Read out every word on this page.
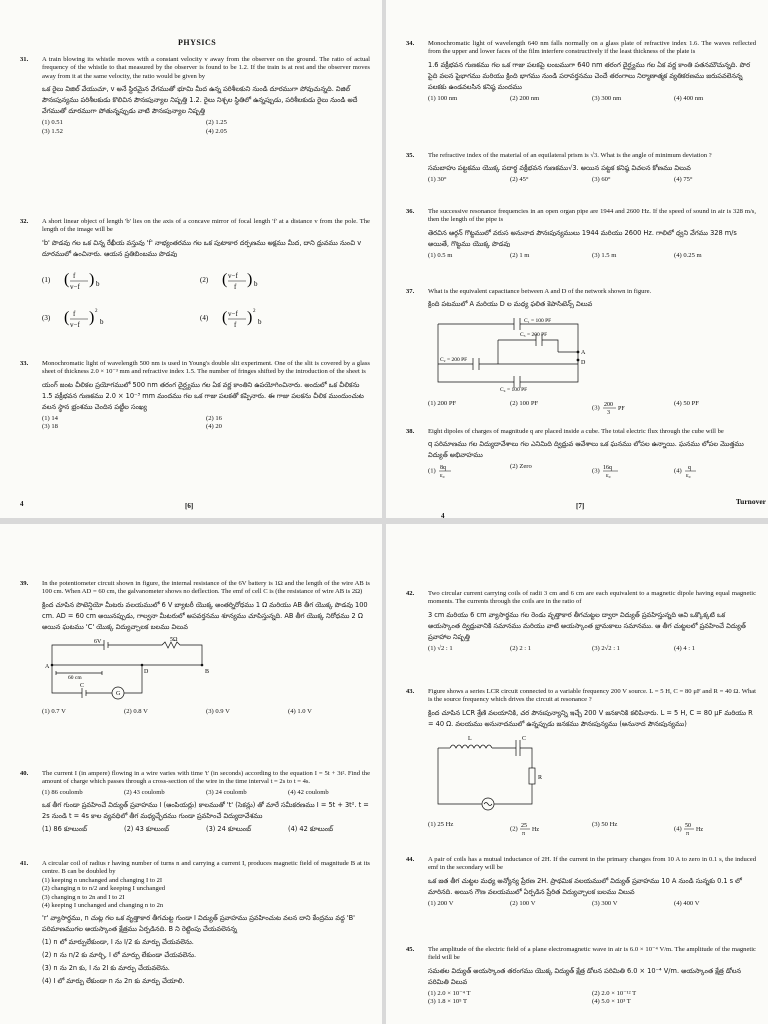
PHYSICS
31. A train blowing its whistle moves with a constant velocity v away from the observer on the ground. The ratio of actual frequency of the whistle to that measured by the observer is found to be 1.2. If the train is at rest and the observer moves away from it at the same velocity, the ratio would be given by
ఒక రైలు విజిల్ వేయుచూ, v అనే స్థిరమైన వేగముతో భూమి మీద ఉన్న పరిశీలకుని నుండి దూరముగా పోవుచున్నది. విజిల్ పౌనఃపున్యము పరిశీలకుడు కొలిచిన పౌనఃపున్యాల నిష్పత్తి 1.2. రైలు నిశ్చల స్థితిలో ఉన్నప్పుడు, పరిశీలకుడు రైలు నుండి అదే వేగముతో దూరముగా పోతున్నప్పుడు వాటి పౌనఃపున్యాల నిష్పత్తి
(1) 0.51	(2) 1.25
(3) 1.52	(4) 2.05
32. A short linear object of length 'b' lies on the axis of a concave mirror of focal length 'f' at a distance v from the pole. The length of the image will be
'b' పొడవు గల ఒక చిన్న రేఖీయ వస్తువు 'f' నాభ్యంతరము గల ఒక పుటాకార దర్పణము అక్షము మీద, దాని ధ్రువము నుంచి v దూరములో ఉంచినారు. ఆయన ప్రతిబింబము పొడవు
(1) ( f
v−f ) b	(2) ( v−f
f ) b
(3) ( f
v−f ) 2
b	(4) ( v−f
f ) 2
b
33. Monochromatic light of wavelength 500 nm is used in Young's double slit experiment. One of the slit is covered by a glass sheet of thickness 2.0 × 10⁻³ mm and refractive index 1.5. The number of fringes shifted by the introduction of the sheet is
యంగ్ జంట చీలికల ప్రయోగములో 500 nm తరంగ దైర్ఘ్యము గల ఏక వర్ణ కాంతిని ఉపయోగించినారు. అందులో ఒక చీలికను 1.5 వక్రీభవన గుణకము 2.0 × 10⁻³ mm మందము గల ఒక గాజు పలకతో కప్పినారు. ఈ గాజు పలకను చీలిక ముందుంచుట వలన స్థాన భ్రంశము చెందిన పట్టీల సంఖ్య
(1) 14	(2) 16
(3) 18	(4) 20
4	[6]
34. Monochromatic light of wavelength 640 nm falls normally on a glass plate of refractive index 1.6. The waves reflected from the upper and lower faces of the film interfere constructively if the least thickness of the plate is
1.6 వక్రీభవన గుణకము గల ఒక గాజు పలకపై లంబముగా 640 nm తరంగ దైర్ఘ్యము గల ఏక వర్ణ కాంతి పతనమౌచున్నది. పొర పైది వలన పైభాగము మరియు క్రింది భాగము నుండి పరావర్తనము చెందే తరంగాలు నిర్మాణాత్మక వ్యతికరణము జరుపవలెనన్న పలకకు ఉండవలసిన కనిష్ఠ మందము
(1) 100 nm	(2) 200 nm	(3) 300 nm	(4) 400 nm
35. The refractive index of the material of an equilateral prism is √3. What is the angle of minimum deviation ?
సమబాహు పట్టకము యొక్క పదార్థ వక్రీభవన గుణకము√3. అయిన పట్టక కనిష్ఠ విచలన కోణము విలువ
(1) 30°	(2) 45°	(3) 60°	(4) 75°
36. The successive resonance frequencies in an open organ pipe are 1944 and 2600 Hz. If the speed of sound in air is 328 m/s, then the length of the pipe is
తెరచిన ఆర్గన్ గొట్టములో వరుస అనునాద పౌనఃపున్యములు 1944 మరియు 2600 Hz. గాలిలో ధ్వని వేగము 328 m/s అయితే, గొట్టము యొక్క పొడవు
(1) 0.5 m	(2) 1 m	(3) 1.5 m	(4) 0.25 m
37. What is the equivalent capacitance between A and D of the network shown in figure.
క్రింది పటములో A మరియు D ల మధ్య ఫలిత కెపాసిటెన్స్ విలువ
C₁ = 100 PF
C₃ = 200 PF
C₂ = 200 PF
C₄ = 100 PF
A
D
(1) 200 PF	(2) 100 PF
(3) 200
3
PF
(4) 50 PF
38. Eight dipoles of charges of magnitude q are placed inside a cube. The total electric flux through the cube will be
q పరిమాణము గల విద్యుదావేశాలు గల ఎనిమిది ద్విధ్రువ ఆవేశాలు ఒక ఘనము లోపల ఉన్నాయి. ఘనము లోపల మొత్తము విద్యుత్ అభివాహము
(1) 8q
ε₀
(2) Zero
(3) 16q
ε₀
(4) q
ε₀
4
[7]	Turnover
39. In the potentiometer circuit shown in figure, the internal resistance of the 6V battery is 1Ω and the length of the wire AB is 100 cm. When AD = 60 cm, the galvanometer shows no deflection. The emf of cell C is (the resistance of wire AB is 2Ω)
క్రింద చూపిన పొటెన్షియో మీటరు వలయములో 6 V బ్యాటరీ యొక్క అంతర్నిరోధము 1 Ω మరియు AB తీగ యొక్క పొడవు 100 cm. AD = 60 cm అయినప్పుడు, గాల్వనా మీటరులో అపవర్తనము శూన్యము చూపిస్తున్నది. AB తీగ యొక్క నిరోధము 2 Ω అయిన ఘటము 'C' యొక్క విద్యుచ్చాలక బలము విలువ
G
6V	5Ω
60 cm
A
B
D
C
(1) 0.7 V	(2) 0.8 V	(3) 0.9 V	(4) 1.0 V
40. The current I (in ampere) flowing in a wire varies with time 't' (in seconds) according to the equation I = 5t + 3t². Find the amount of charge which passes through a cross-section of the wire in the time interval t = 2s to t = 4s.
(1) 86 coulomb	(2) 43 coulomb	(3) 24 coulomb	(4) 42 coulomb
ఒక తీగ గుండా ప్రవహించే విద్యుత్ ప్రవాహము I (ఆంపియర్లు) కాలముతో 't' (సెకన్లు) తో మారే సమీకరణము I = 5t + 3t². t = 2s నుండి t = 4s కాల వ్యవధిలో తీగ మధ్యచ్ఛేదము గుండా ప్రవహించే విద్యుదావేశము
(1) 86 కూలుంబ్	(2) 43 కూలుంబ్	(3) 24 కూలుంబ్	(4) 42 కూలుంబ్
41. A circular coil of radius r having number of turns n and carrying a current I, produces magnetic field of magnitude B at its centre. B can be doubled by
(1) keeping n unchanged and changing I to 2I
(2) changing n to n/2 and keeping I unchanged
(3) changing n to 2n and I to 2I
(4) keeping I unchanged and changing n to 2n
'r' వ్యాసార్థము, n చుట్ల గల ఒక వృత్తాకార తీగచుట్ట గుండా I విద్యుత్ ప్రవాహము ప్రవహించుట వలన దాని కేంద్రము వద్ద 'B' పరిమాణముగల అయస్కాంత క్షేత్రము ఏర్పడినది. B ని రెట్టింపు చేయవలెనన్న
(1) n లో మార్పులేకుండా, I ను I/2 కు మార్పు చేయవలెను.
(2) n ను n/2 కు మార్చి, I లో మార్పు లేకుండా చేయవలెను.
(3) n ను 2n కు, I ను 2I కు మార్పు చేయవలెను.
(4) I లో మార్పు లేకుండా n ను 2n కు మార్పు చేయాలి.
42. Two circular current carrying coils of radii 3 cm and 6 cm are each equivalent to a magnetic dipole having equal magnetic moments. The currents through the coils are in the ratio of
3 cm మరియు 6 cm వ్యాసార్థము గల రెండు వృత్తాకార తీగచుట్టల ద్వారా విద్యుత్ ప్రవహిస్తున్నది అవి ఒక్కొక్కటి ఒక అయస్కాంత ద్విధ్రువానికి సమానము మరియు వాటి అయస్కాంత భ్రామకాలు సమానము. ఆ తీగ చుట్టలలో ప్రవహించే విద్యుత్ ప్రవాహాల నిష్పత్తి
(1) √2 : 1	(2) 2 : 1	(3) 2√2 : 1	(4) 4 : 1
43. Figure shows a series LCR circuit connected to a variable frequency 200 V source. L = 5 H, C = 80 μF and R = 40 Ω. What is the source frequency which drives the circuit at resonance ?
క్రింద చూపిన LCR శ్రేణి వలయానికి, చర పౌనఃపున్యాన్ని ఇచ్చే 200 V జనకానికి కలిపినారు. L = 5 H, C = 80 μF మరియు R = 40 Ω. వలయము అనునాదములో ఉన్నప్పుడు జనకము పౌనఃపున్యము (అనునాద పౌనఃపున్యము)
L	C
R
(1) 25 Hz
(2) 25
π
Hz
(3) 50 Hz
(4) 50
π
Hz
44. A pair of coils has a mutual inductance of 2H. If the current in the primary changes from 10 A to zero in 0.1 s, the induced emf in the secondary will be
ఒక జత తీగ చుట్టల మధ్య అన్యోన్య ప్రేరణ 2H. ప్రాథమిక వలయములో విద్యుత్ ప్రవాహము 10 A నుండి సున్నకు 0.1 s లో మారినది. అయిన గౌణ వలయములో ఏర్పడిన ప్రేరిత విద్యుచ్చాలక బలము విలువ
(1) 200 V	(2) 100 V	(3) 300 V	(4) 400 V
45. The amplitude of the electric field of a plane electromagnetic wave in air is 6.0 × 10⁻⁴ V/m. The amplitude of the magnetic field will be
సమతల విద్యుత్ అయస్కాంత తరంగము యొక్క విద్యుత్ క్షేత్ర డోలన పరిమితి 6.0 × 10⁻⁴ V/m. అయస్కాంత క్షేత్ర డోలన పరిమితి విలువ
(1) 2.0 × 10⁻⁴ T	(2) 2.0 × 10⁻¹² T
(3) 1.8 × 10⁵ T	(4) 5.0 × 10³ T
